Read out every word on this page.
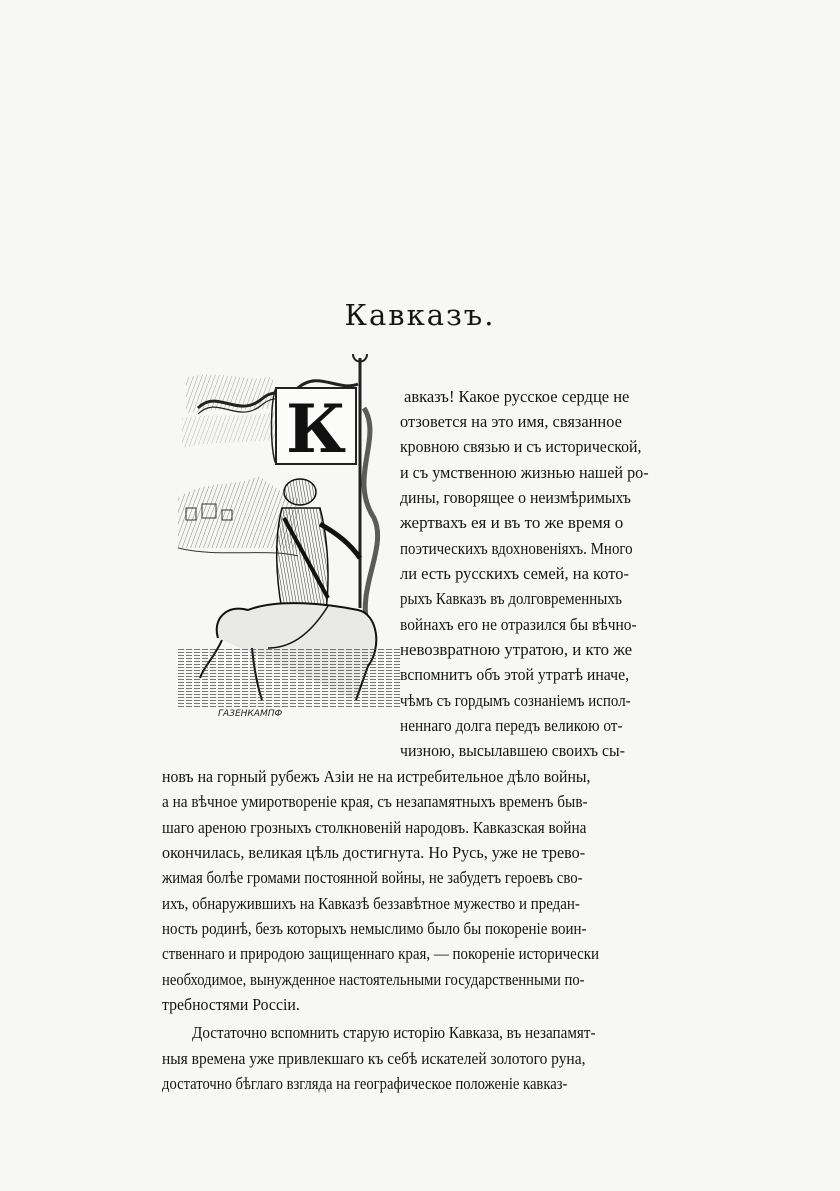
Кавказъ.
К
ГАЗЕНКАМПФ
авказъ! Какое русское сердце не
отзовется на это имя, связанное
кровною связью и съ исторической,
и съ умственною жизнью нашей ро-
дины, говорящее о неизмѣримыхъ
жертвахъ ея и въ то же время о
поэтическихъ вдохновеніяхъ. Много
ли есть русскихъ семей, на кото-
рыхъ Кавказъ въ долговременныхъ
войнахъ его не отразился бы вѣчно-
невозвратною утратою, и кто же
вспомнитъ объ этой утратѣ иначе,
чѣмъ съ гордымъ сознаніемъ испол-
неннаго долга передъ великою от-
чизною, высылавшею своихъ сы-
новъ на горный рубежъ Азіи не на истребительное дѣло войны,
а на вѣчное умиротвореніе края, съ незапамятныхъ временъ быв-
шаго ареною грозныхъ столкновеній народовъ. Кавказская война
окончилась, великая цѣль достигнута. Но Русь, уже не трево-
жимая болѣе громами постоянной войны, не забудетъ героевъ сво-
ихъ, обнаружившихъ на Кавказѣ беззавѣтное мужество и предан-
ность родинѣ, безъ которыхъ немыслимо было бы покореніе воин-
ственнаго и природою защищеннаго края, — покореніе исторически
необходимое, вынужденное настоятельными государственными по-
требностями Россіи.
Достаточно вспомнить старую исторію Кавказа, въ незапамят-
ныя времена уже привлекшаго къ себѣ искателей золотого руна,
достаточно бѣглаго взгляда на географическое положеніе кавказ-
